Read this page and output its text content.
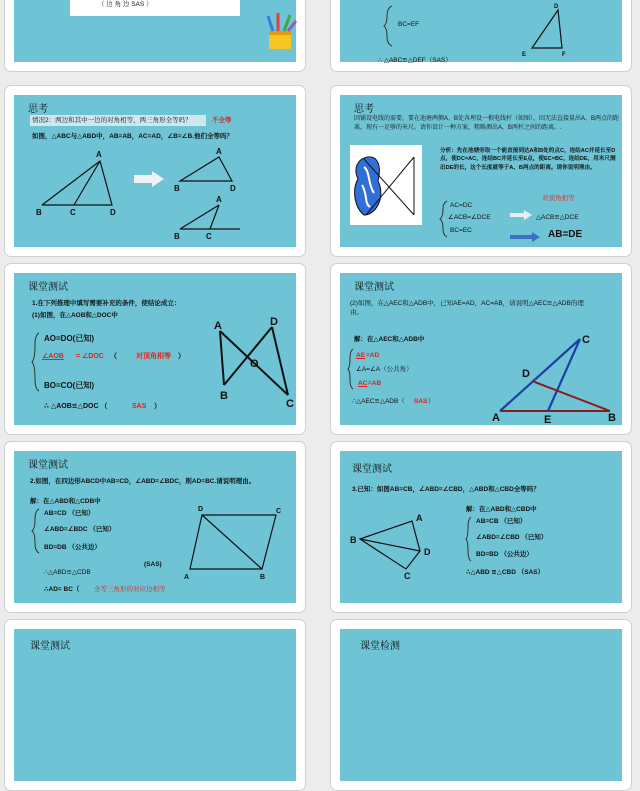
（ 边 角 边 SAS ）
BC=EF
∴ △ABC≌△DEF（SAS）
D
E	F
思考
情况2：两边和其中一边的对角相等，两三角形全等吗？	不全等
如图，△ABC与△ABD中，AB=AB，AC=AD，∠B=∠B.他们全等吗？
A
B	C	D
A
B	D
A
B	C
思考
因铺设电线的需要，要在池塘两侧A、B处各埋设一根电线杆（如图），因无法直接量出A、B两点的距离，现有一足够的米尺。请你设计一种方案，粗略测出A、B两杆之间的距离。.
分析：先在池塘旁取一个能直接到达A和B处的点C，连结AC并延长至D点，使DC=AC，连结BC并延长至E点，使EC=BC，连结DE，用米尺测出DE的长，这个长度就等于A、B两点的距离。请你说明理由。
AC=DC
∠ACB=∠DCE
BC=EC
对顶角相等
△ACB≌△DCE
AB=DE
课堂测试
1.在下列推理中填写需要补充的条件，使结论成立：
(1)如图，在△AOB和△DOC中
AO=DO(已知)
∠AOB = ∠DOC （	对顶角相等 ）
BO=CO(已知)
∴ △AOB≌△DOC （	SAS ）
A	D
O
B
C
课堂测试
(2)如图，在△AEC和△ADB中，已知AE=AD，AC=AB，请说明△AEC≌△ADB的理由。
解：在△AEC和△ADB中
AE =AD
∠A=∠A（公共角）
AC =AB
∴△AEC≌△ADB（ SAS ）
A	E	B
D
C
课堂测试
2.如图，在四边形ABCD中AB=CD，∠ABD=∠BDC，则AD=BC.请说明理由。
解：在△ABD和△CDB中
AB=CD （已知）
∠ABD=∠BDC （已知）
BD=DB （公共边）
(SAS)
∴△ABD≌△CDB
∴AD= BC（ 全等三角形的对应边相等
D	C
A	B
课堂测试
3.已知：如图AB=CB，∠ABD=∠CBD，△ABD和△CBD全等吗？
B
A
D
C
解：在△ABD和△CBD中
AB=CB （已知）
∠ABD=∠CBD （已知）
BD=BD （公共边）
∴△ABD ≌△CBD （SAS）
课堂测试	课堂检测
